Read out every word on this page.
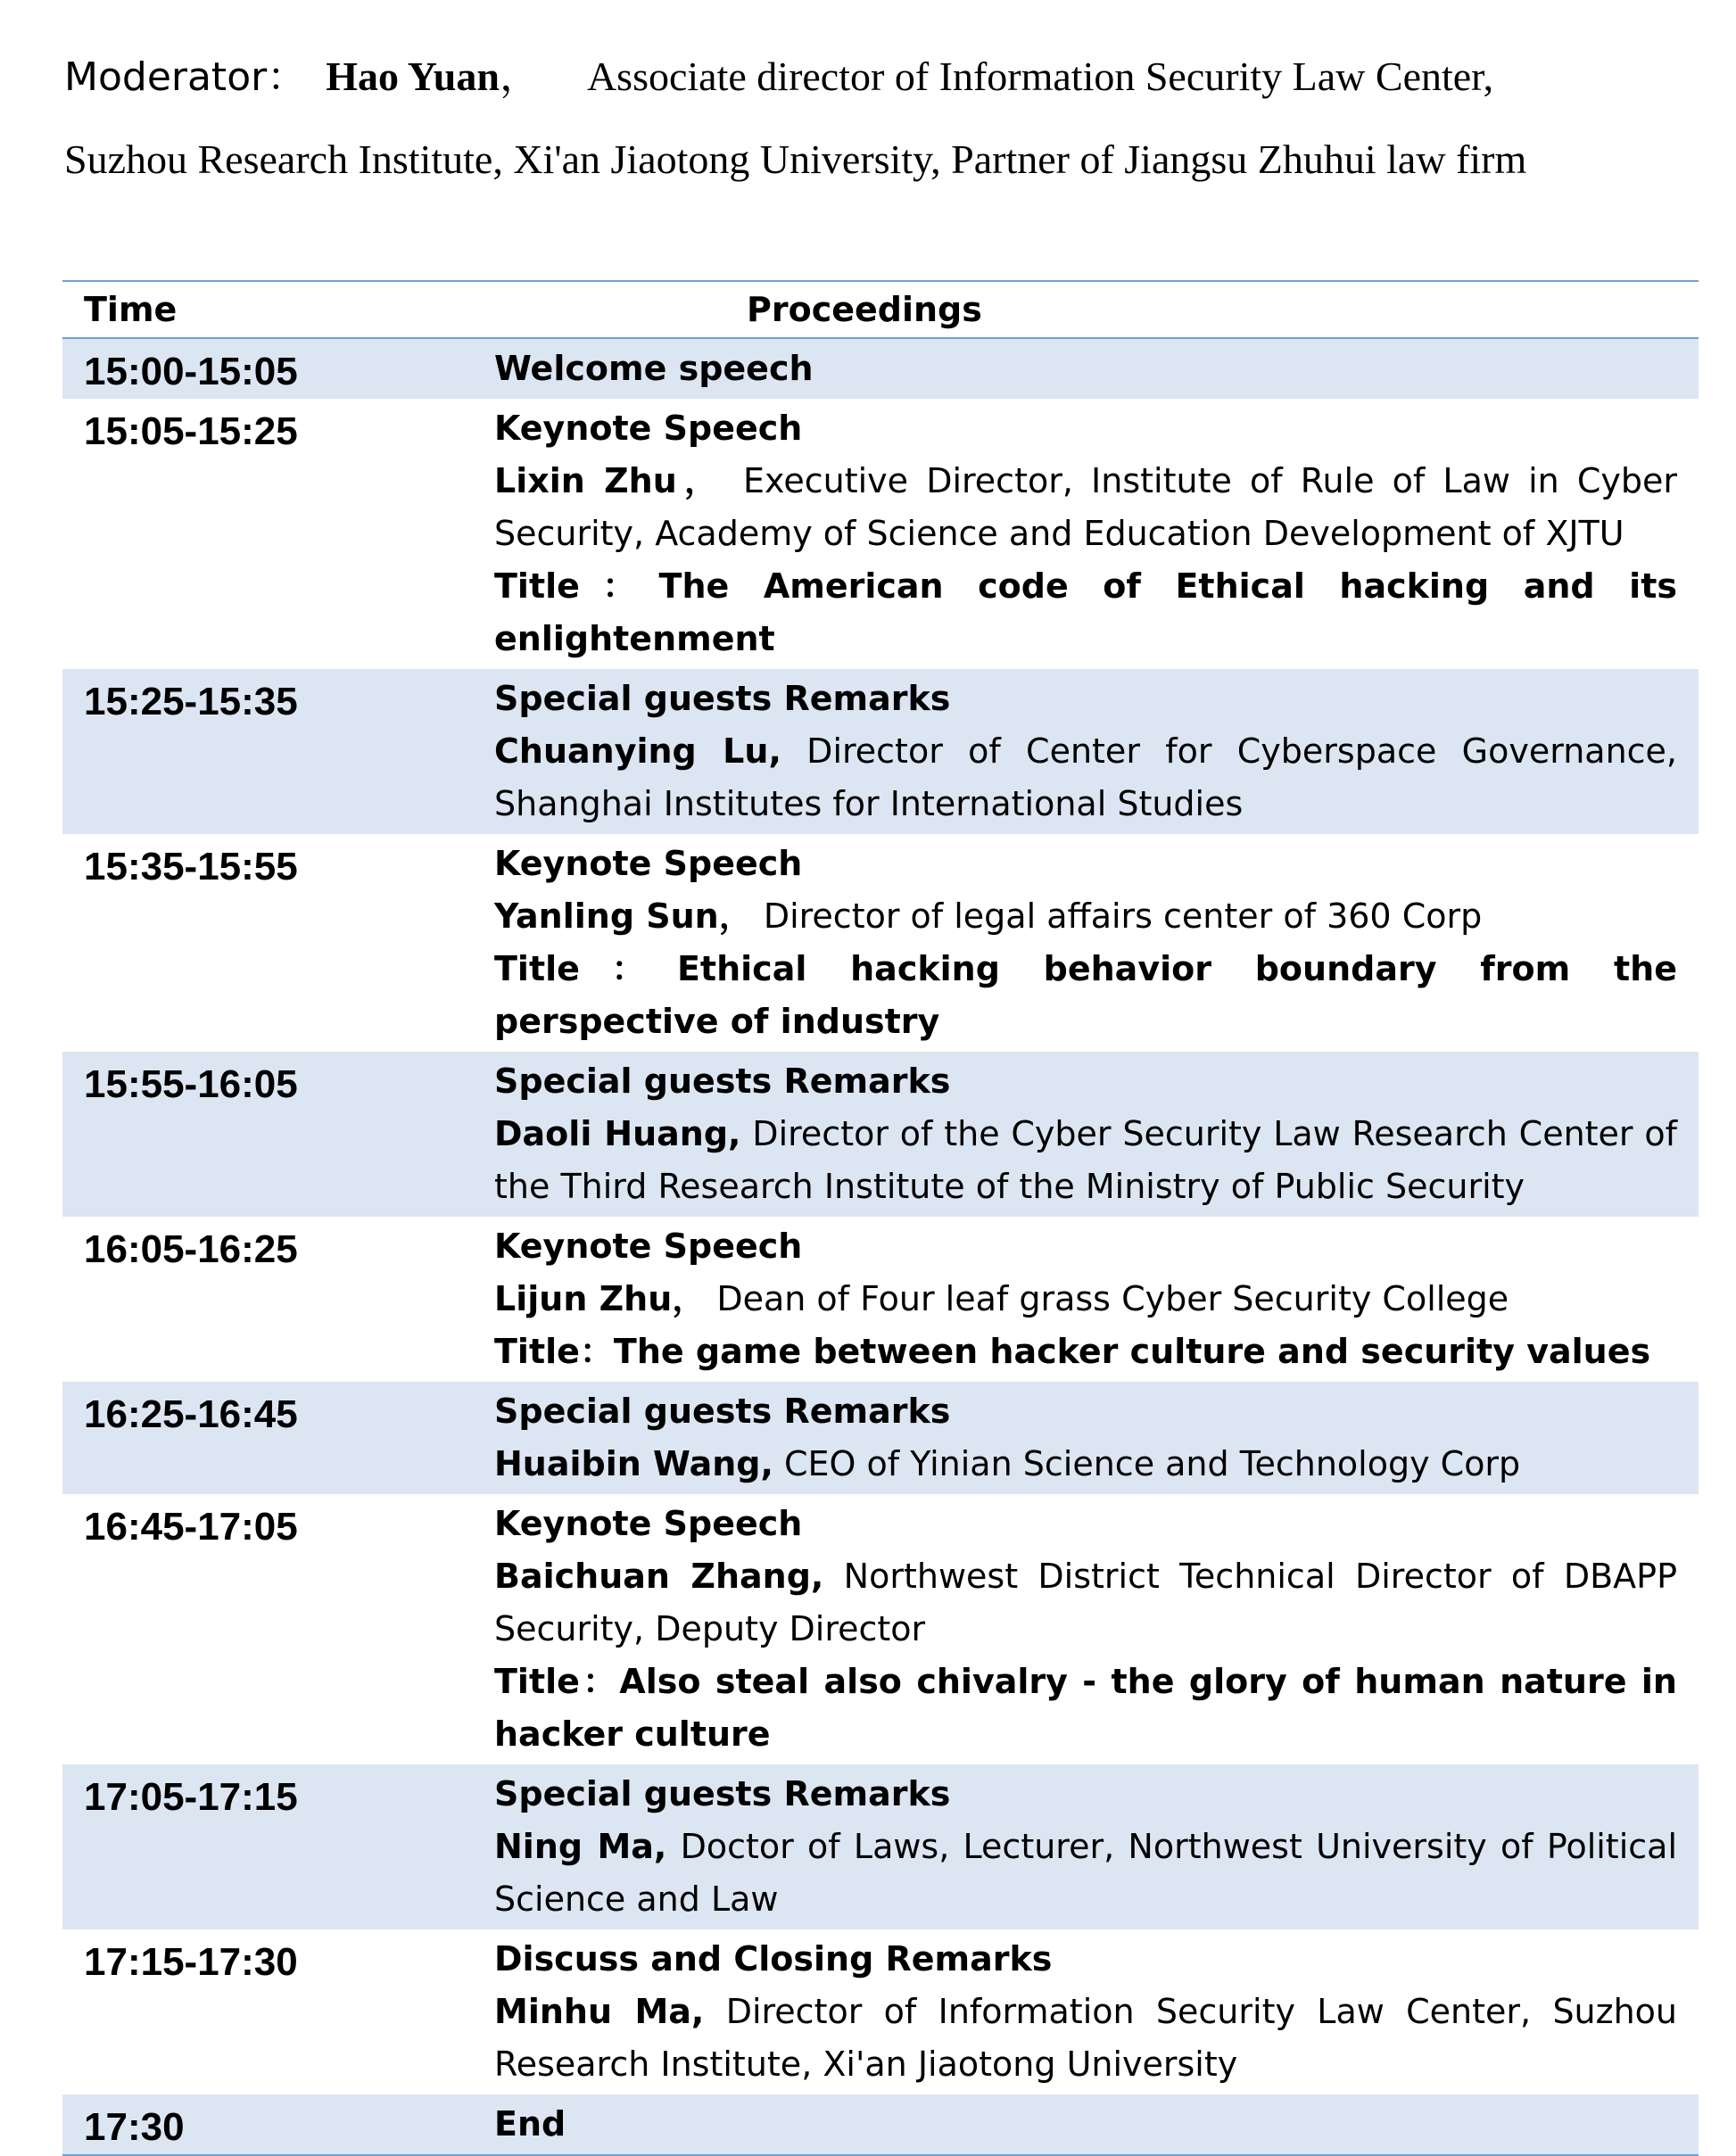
Moderator： Hao Yuan， Associate director of Information Security Law Center,
Suzhou Research Institute, Xi'an Jiaotong University, Partner of Jiangsu Zhuhui law firm
Time	Proceedings

15:00-15:05	Welcome speech

15:05-15:25	Keynote Speech
Lixin Zhu， Executive Director, Institute of Rule of Law in Cyber Security, Academy of Science and Education Development of XJTU
Title：The American code of Ethical hacking and its enlightenment

15:25-15:35	Special guests Remarks
Chuanying Lu, Director of Center for Cyberspace Governance, Shanghai Institutes for International Studies

15:35-15:55	Keynote Speech
Yanling Sun， Director of legal affairs center of 360 Corp
Title：Ethical hacking behavior boundary from the perspective of industry

15:55-16:05	Special guests Remarks
Daoli Huang, Director of the Cyber Security Law Research Center of the Third Research Institute of the Ministry of Public Security

16:05-16:25	Keynote Speech
Lijun Zhu， Dean of Four leaf grass Cyber Security College
Title：The game between hacker culture and security values

16:25-16:45	Special guests Remarks
Huaibin Wang, CEO of Yinian Science and Technology Corp

16:45-17:05	Keynote Speech
Baichuan Zhang, Northwest District Technical Director of DBAPP Security, Deputy Director
Title：Also steal also chivalry - the glory of human nature in hacker culture

17:05-17:15	Special guests Remarks
Ning Ma, Doctor of Laws, Lecturer, Northwest University of Political Science and Law

17:15-17:30	Discuss and Closing Remarks
Minhu Ma, Director of Information Security Law Center, Suzhou Research Institute, Xi'an Jiaotong University

17:30	End
